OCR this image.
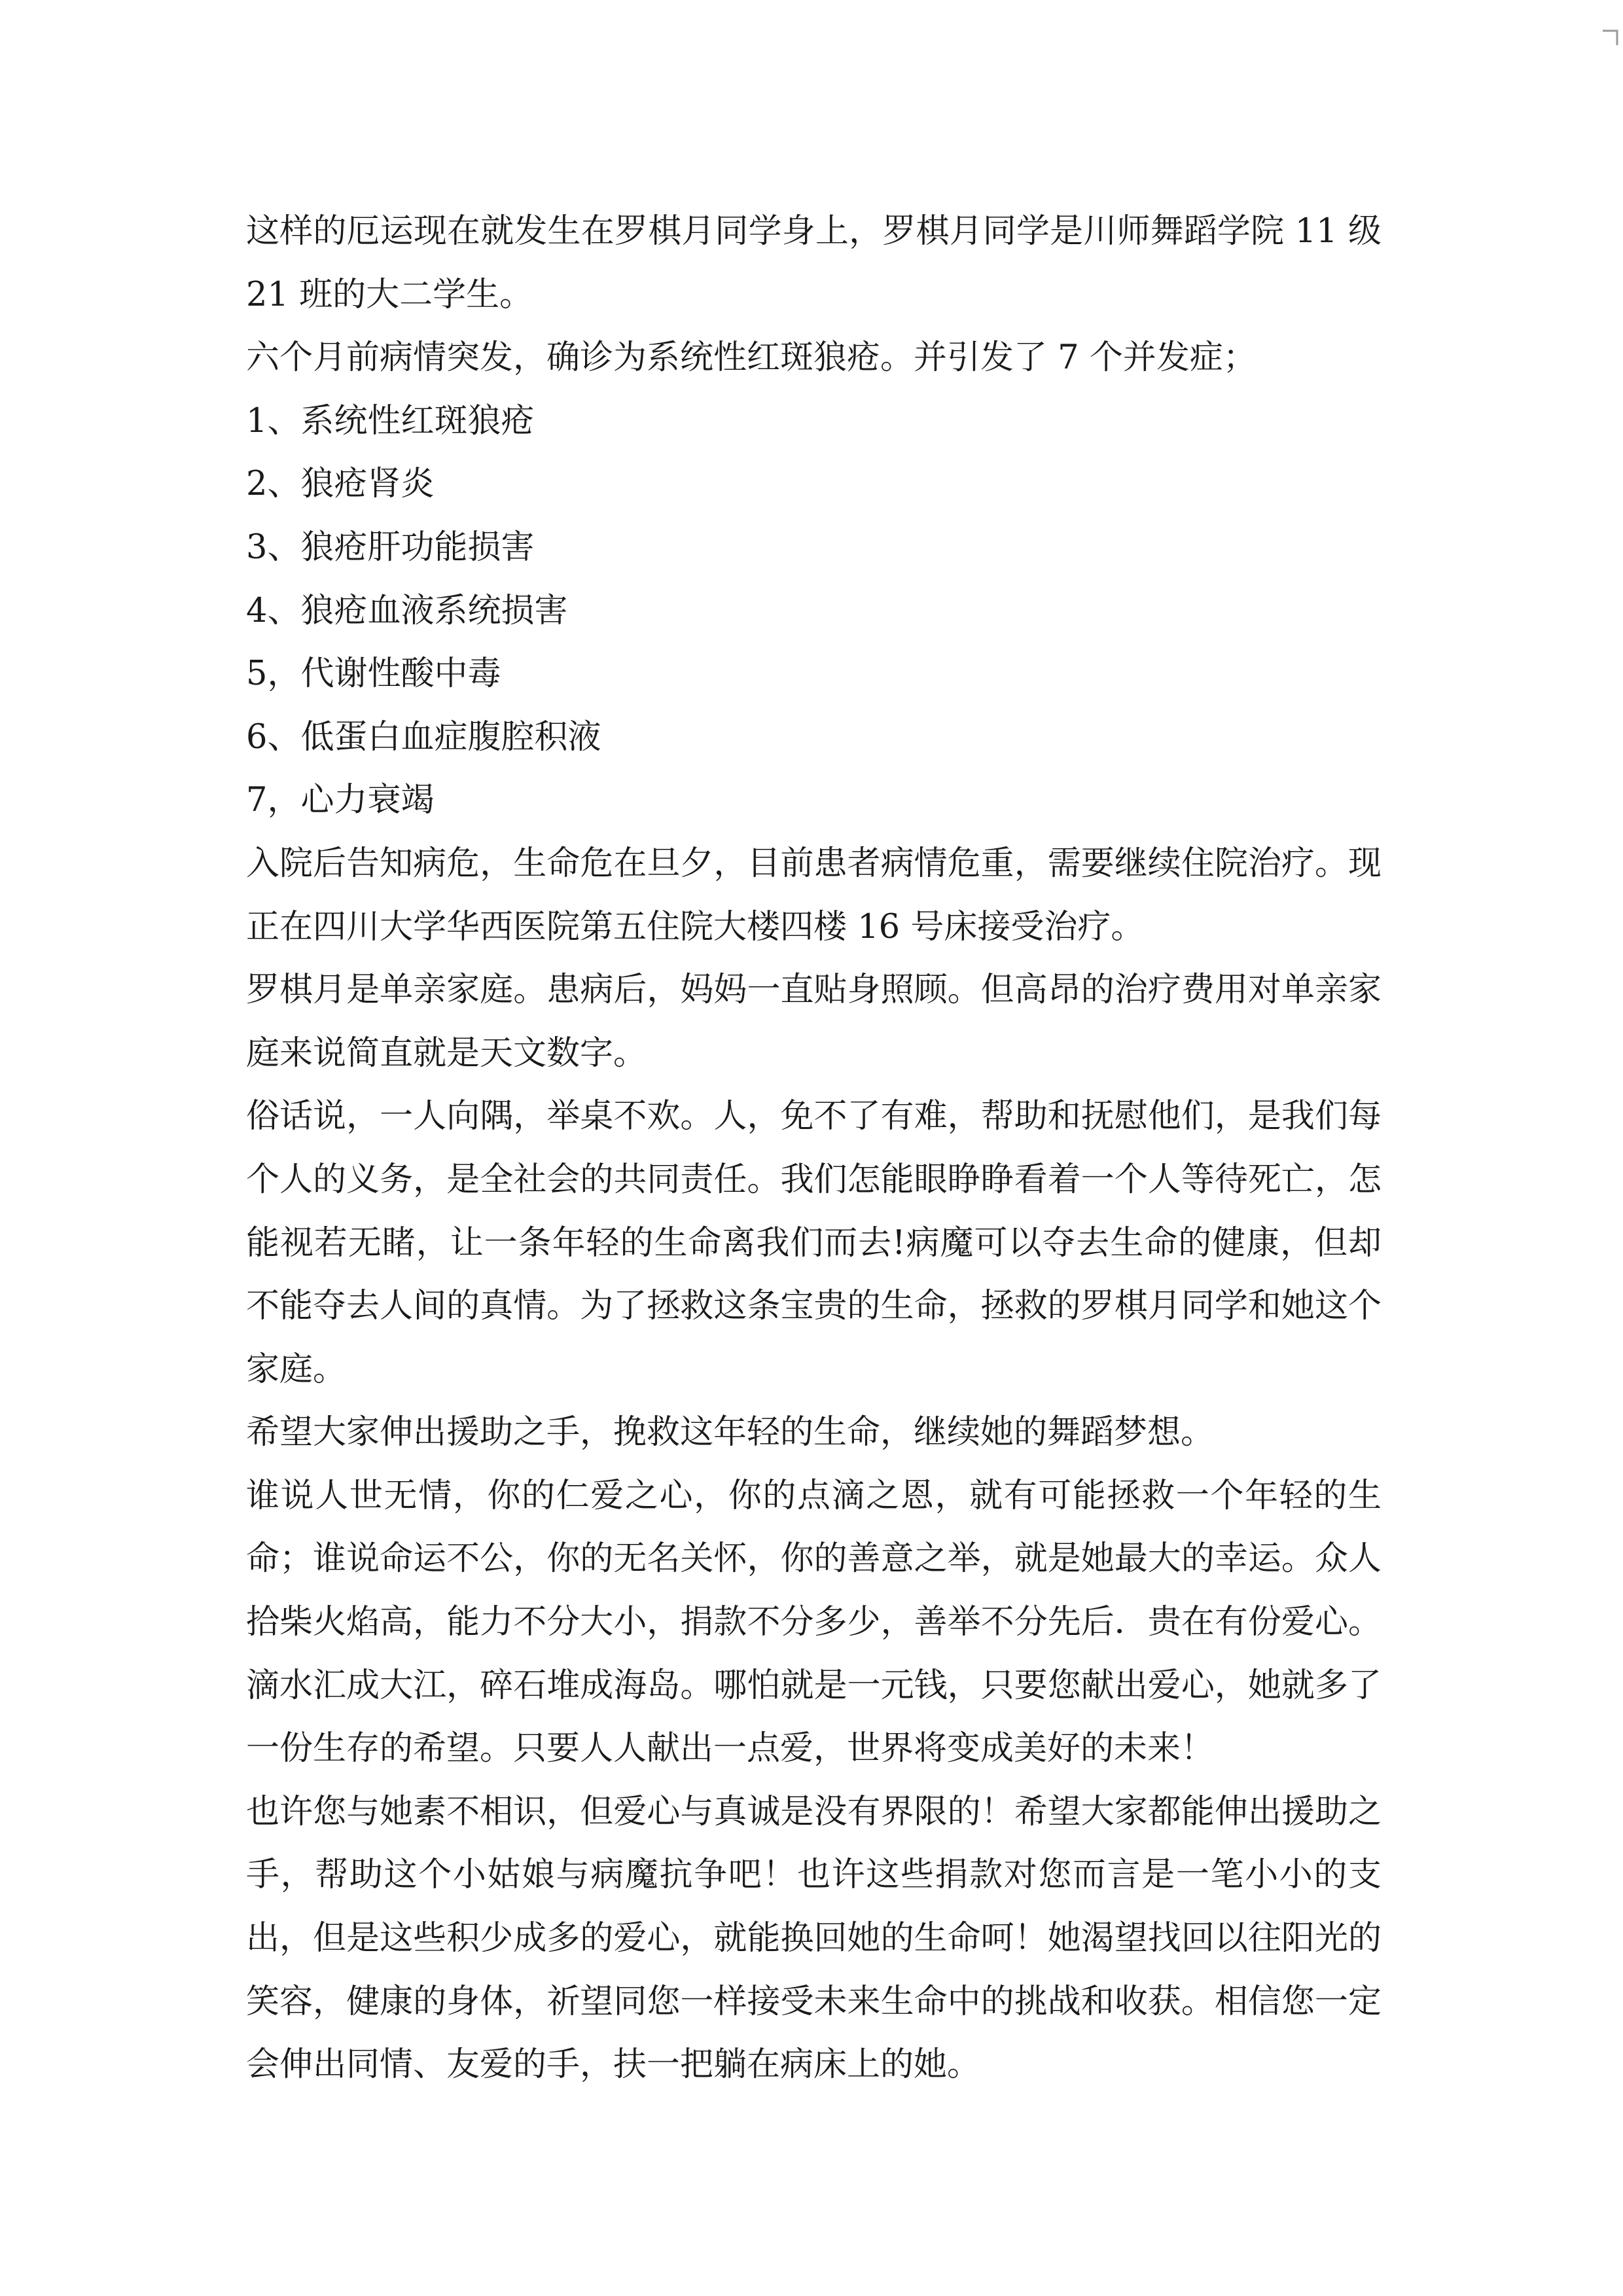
这样的厄运现在就发生在罗棋月同学身上，罗棋月同学是川师舞蹈学院 11 级 21 班的大二学生。

六个月前病情突发，确诊为系统性红斑狼疮。并引发了 7 个并发症；

1、系统性红斑狼疮

2、狼疮肾炎

3、狼疮肝功能损害

4、狼疮血液系统损害

5，代谢性酸中毒

6、低蛋白血症腹腔积液

7，心力衰竭

入院后告知病危，生命危在旦夕，目前患者病情危重，需要继续住院治疗。现正在四川大学华西医院第五住院大楼四楼 16 号床接受治疗。

罗棋月是单亲家庭。患病后，妈妈一直贴身照顾。但高昂的治疗费用对单亲家庭来说简直就是天文数字。

俗话说，一人向隅，举桌不欢。人，免不了有难，帮助和抚慰他们，是我们每个人的义务，是全社会的共同责任。我们怎能眼睁睁看着一个人等待死亡，怎能视若无睹，让一条年轻的生命离我们而去!病魔可以夺去生命的健康，但却不能夺去人间的真情。为了拯救这条宝贵的生命，拯救的罗棋月同学和她这个家庭。

希望大家伸出援助之手，挽救这年轻的生命，继续她的舞蹈梦想。

谁说人世无情，你的仁爱之心，你的点滴之恩，就有可能拯救一个年轻的生命；谁说命运不公，你的无名关怀，你的善意之举，就是她最大的幸运。众人拾柴火焰高，能力不分大小，捐款不分多少，善举不分先后．贵在有份爱心。滴水汇成大江，碎石堆成海岛。哪怕就是一元钱，只要您献出爱心，她就多了一份生存的希望。只要人人献出一点爱，世界将变成美好的未来！

也许您与她素不相识，但爱心与真诚是没有界限的！希望大家都能伸出援助之手，帮助这个小姑娘与病魔抗争吧！也许这些捐款对您而言是一笔小小的支出，但是这些积少成多的爱心，就能换回她的生命呵！她渴望找回以往阳光的笑容，健康的身体，祈望同您一样接受未来生命中的挑战和收获。相信您一定会伸出同情、友爱的手，扶一把躺在病床上的她。
